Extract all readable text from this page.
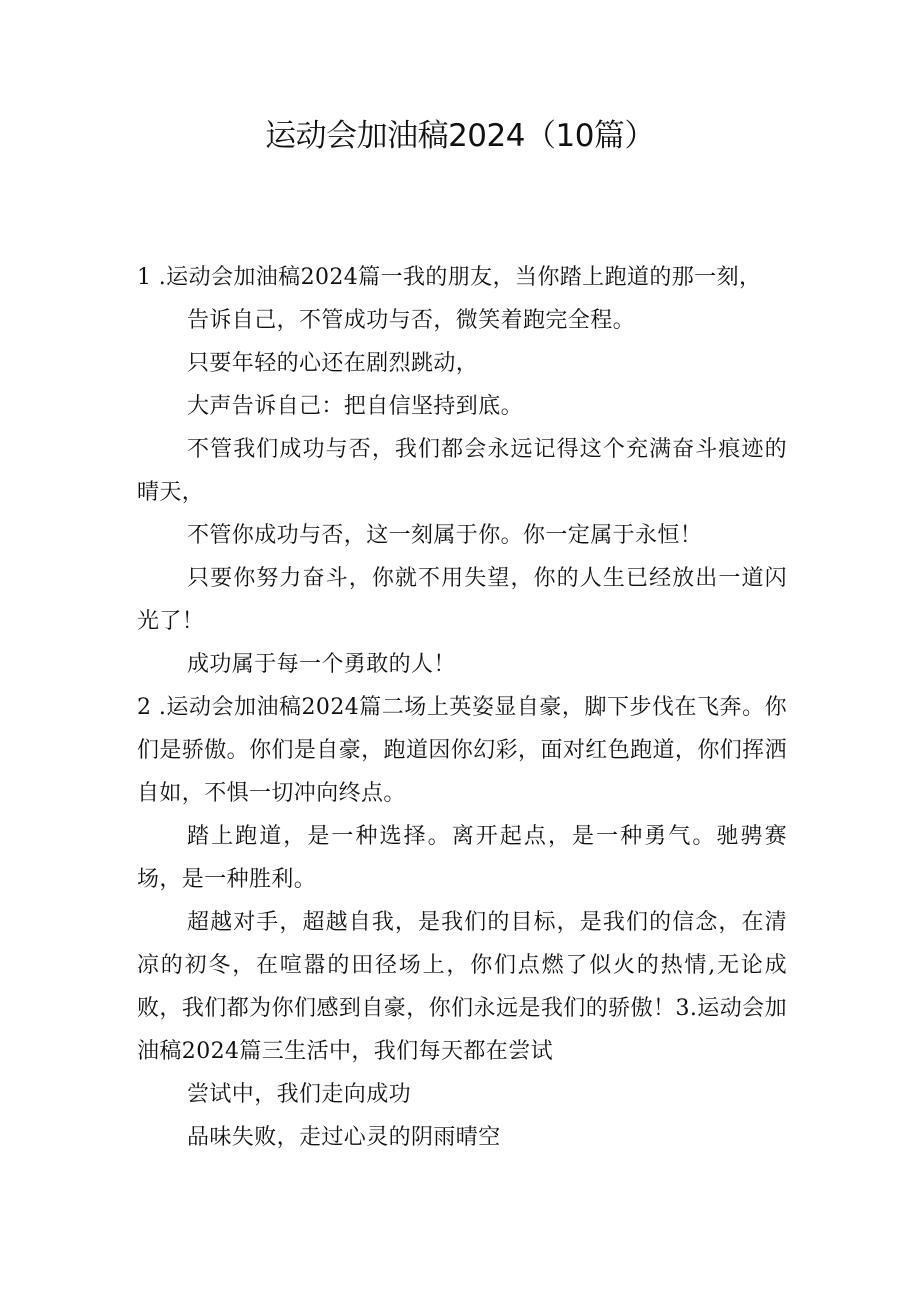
运动会加油稿2024（10篇）

1 .运动会加油稿2024篇一我的朋友，当你踏上跑道的那一刻，

告诉自己，不管成功与否，微笑着跑完全程。

只要年轻的心还在剧烈跳动，

大声告诉自己：把自信坚持到底。

不管我们成功与否，我们都会永远记得这个充满奋斗痕迹的晴天，

不管你成功与否，这一刻属于你。你一定属于永恒！

只要你努力奋斗，你就不用失望，你的人生已经放出一道闪光了！

成功属于每一个勇敢的人！

2 .运动会加油稿2024篇二场上英姿显自豪，脚下步伐在飞奔。你们是骄傲。你们是自豪，跑道因你幻彩，面对红色跑道，你们挥洒自如，不惧一切冲向终点。

踏上跑道，是一种选择。离开起点，是一种勇气。驰骋赛场，是一种胜利。

超越对手，超越自我，是我们的目标，是我们的信念，在清凉的初冬，在喧嚣的田径场上，你们点燃了似火的热情,无论成败，我们都为你们感到自豪，你们永远是我们的骄傲！3.运动会加油稿2024篇三生活中，我们每天都在尝试

尝试中，我们走向成功

品味失败，走过心灵的阴雨晴空
